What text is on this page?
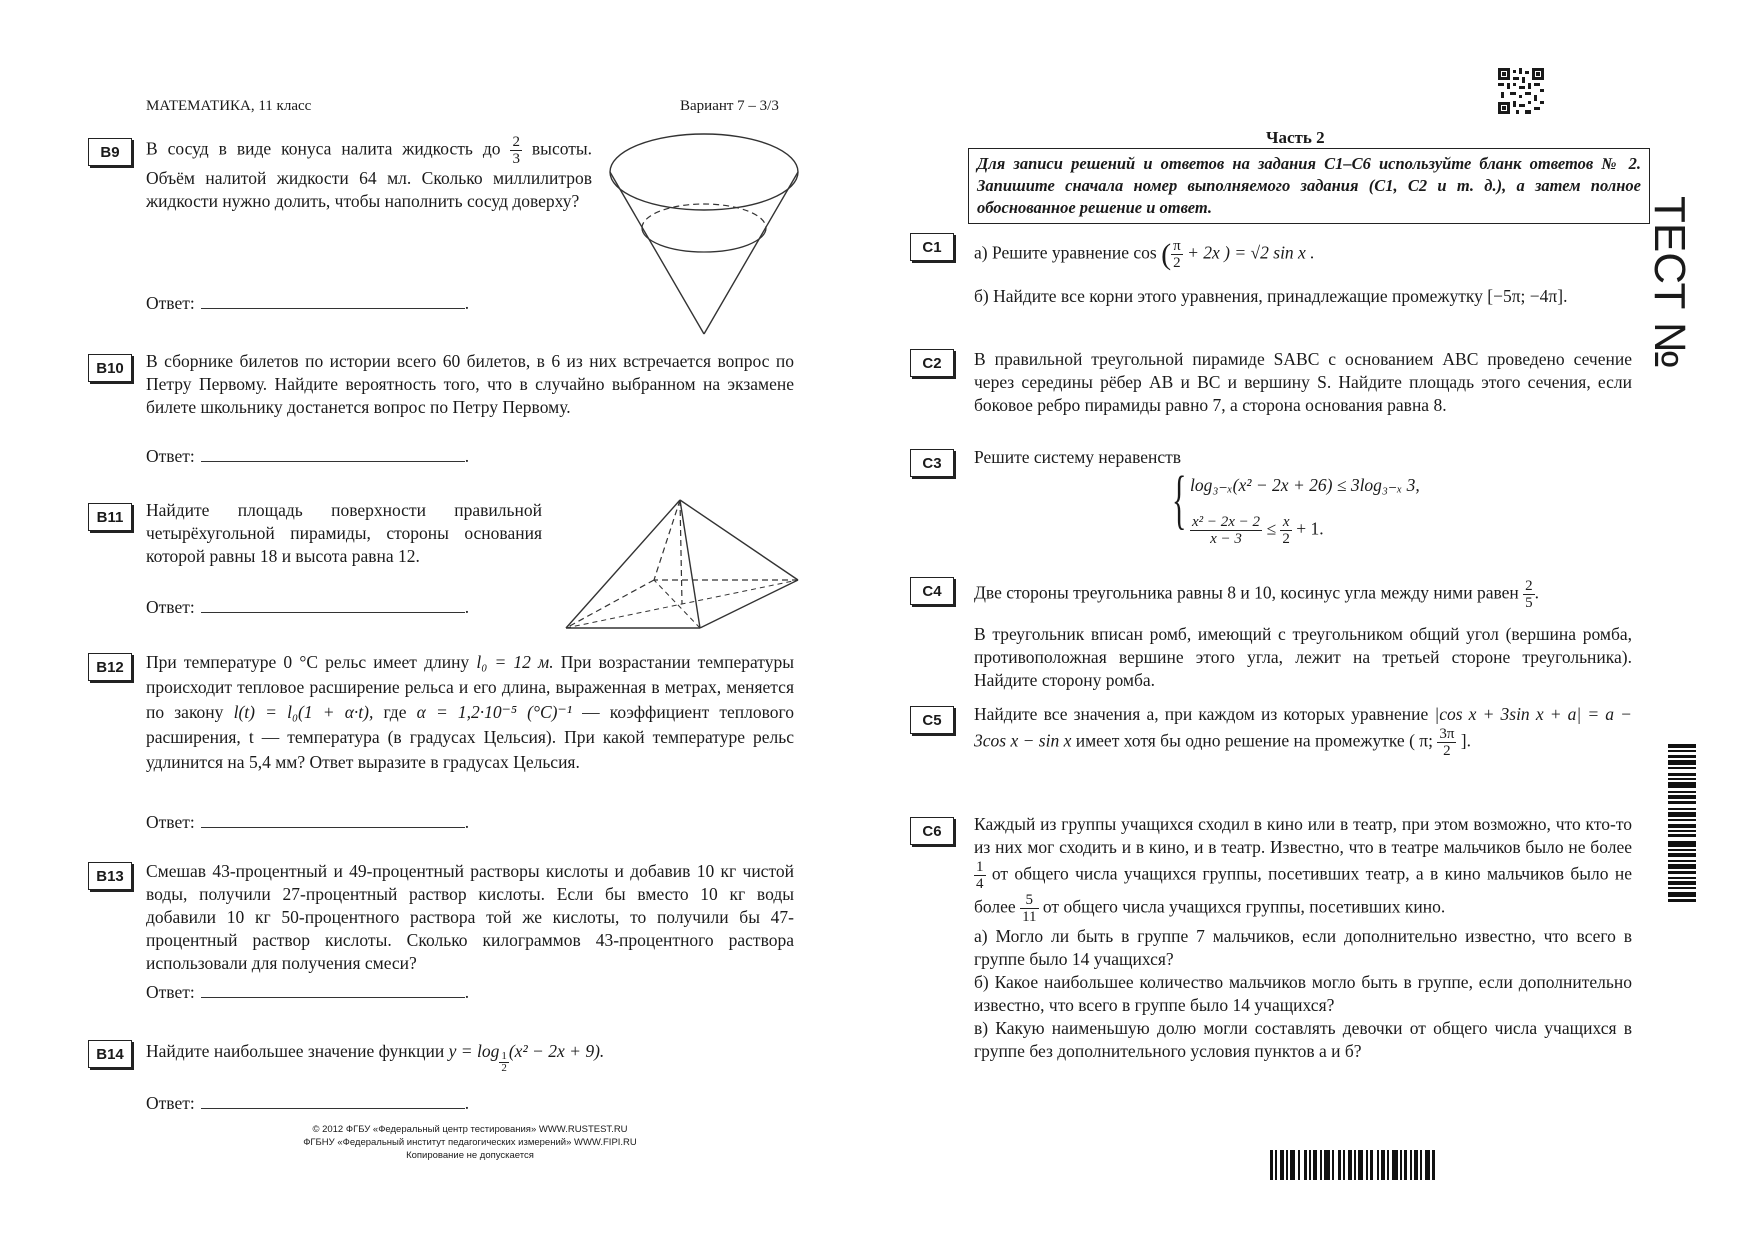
МАТЕМАТИКА, 11 класс	Вариант 7 – 3/3
B9	В сосуд в виде конуса налита жидкость до $\frac{2}{3}$ высоты. Объём налитой жидкости 64 мл. Сколько миллилитров жидкости нужно долить, чтобы наполнить сосуд доверху?
Ответ:	.
B10	В сборнике билетов по истории всего 60 билетов, в 6 из них встречается вопрос по Петру Первому. Найдите вероятность того, что в случайно выбранном на экзамене билете школьнику достанется вопрос по Петру Первому.
Ответ:	.
B11	Найдите площадь поверхности правильной четырёхугольной пирамиды, стороны основания которой равны 18 и высота равна 12.
Ответ:	.
B12	При температуре 0 °C рельс имеет длину l₀ = 12 м. При возрастании температуры происходит тепловое расширение рельса и его длина, выраженная в метрах, меняется по закону l(t) = l₀(1 + α·t), где α = 1,2·10⁻⁵ (°C)⁻¹ — коэффициент теплового расширения, t — температура (в градусах Цельсия). При какой температуре рельс удлинится на 5,4 мм? Ответ выразите в градусах Цельсия.
Ответ:	.
B13	Смешав 43-процентный и 49-процентный растворы кислоты и добавив 10 кг чистой воды, получили 27-процентный раствор кислоты. Если бы вместо 10 кг воды добавили 10 кг 50-процентного раствора той же кислоты, то получили бы 47-процентный раствор кислоты. Сколько килограммов 43-процентного раствора использовали для получения смеси?
Ответ:	.
B14	Найдите наибольшее значение функции $y = \log \frac{1}{2} (x^2 - 2x + 9)$.
Ответ:	.
© 2012 ФГБУ «Федеральный центр тестирования» WWW.RUSTEST.RU
ФГБНУ «Федеральный институт педагогических измерений» WWW.FIPI.RU
Копирование не допускается
Часть 2
Для записи решений и ответов на задания С1–С6 используйте бланк ответов № 2. Запишите сначала номер выполняемого задания (С1, С2 и т. д.), а затем полное обоснованное решение и ответ.	ТЕСТ №
C1	а) Решите уравнение cos ( $\frac{\pi}{2} + 2x$ ) = √2 sin x .
б) Найдите все корни этого уравнения, принадлежащие промежутку [−5π; −4π].
C2	В правильной треугольной пирамиде SABC с основанием ABC проведено сечение через середины рёбер AB и BC и вершину S. Найдите площадь этого сечения, если боковое ребро пирамиды равно 7, а сторона основания равна 8.
C3	Решите систему неравенств
{ log₃₋ₓ(x² − 2x + 26) ≤ 3log₃₋ₓ 3,
$\frac{\text{x² − 2x − 2}}{x - 3} \le \frac{x}{2} + 1$.
C4	Две стороны треугольника равны 8 и 10, косинус угла между ними равен $\frac{2}{5}$ .
В треугольник вписан ромб, имеющий с треугольником общий угол (вершина ромба, противоположная вершине этого угла, лежит на третьей стороне треугольника). Найдите сторону ромба.
C5	Найдите все значения a, при каждом из которых уравнение |cos x + 3sin x + a| = a − 3cos x − sin x имеет хотя бы одно решение на промежутке ( π; $\frac{3\pi}{2}$ ].
C6	Каждый из группы учащихся сходил в кино или в театр, при этом возможно, что кто-то из них мог сходить и в кино, и в театр. Известно, что в театре мальчиков было не более
$\frac{1}{4}$ от общего числа учащихся группы, посетивших театр, а в кино мальчиков было не более $\frac{5}{11}$ от общего числа учащихся группы, посетивших кино.
а) Могло ли быть в группе 7 мальчиков, если дополнительно известно, что всего в группе было 14 учащихся?
б) Какое наибольшее количество мальчиков могло быть в группе, если дополнительно известно, что всего в группе было 14 учащихся?
в) Какую наименьшую долю могли составлять девочки от общего числа учащихся в группе без дополнительного условия пунктов а и б?
